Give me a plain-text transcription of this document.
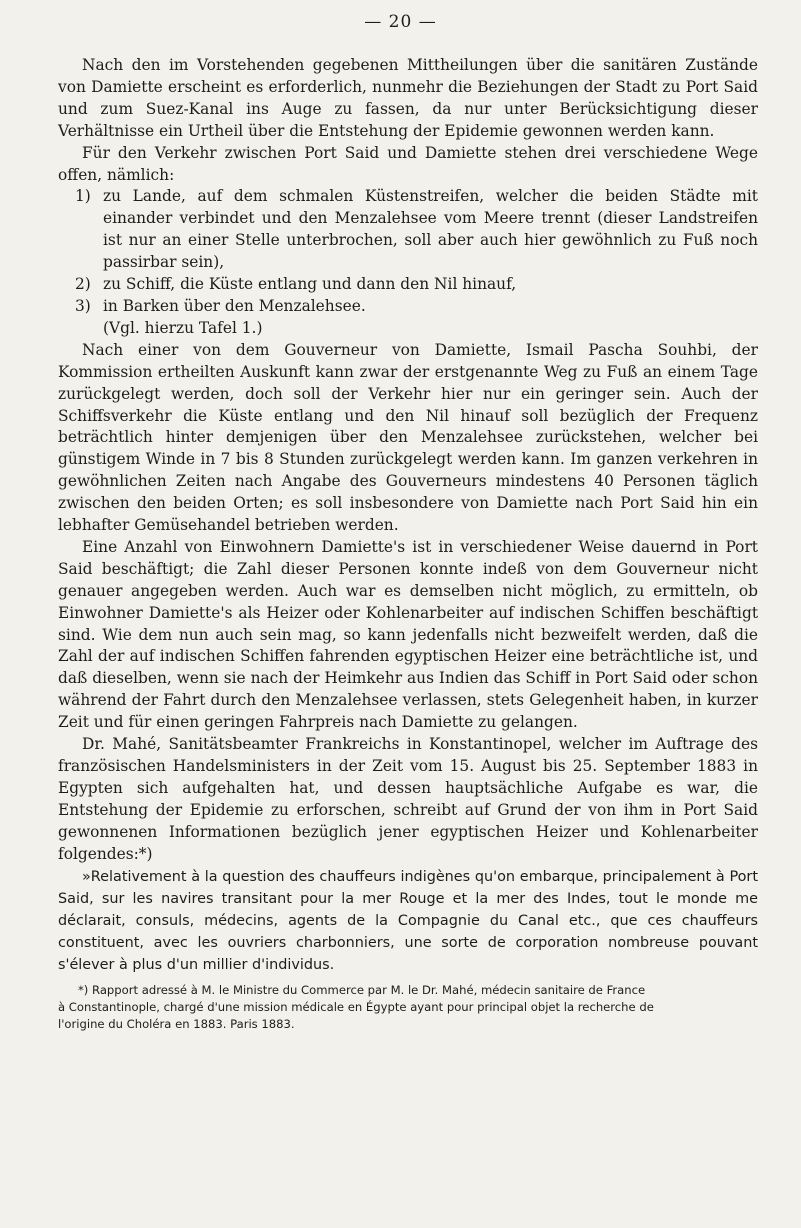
— 20 —

Nach den im Vorstehenden gegebenen Mittheilungen über die sanitären Zustände von Damiette erscheint es erforderlich, nunmehr die Beziehungen der Stadt zu Port Said und zum Suez-Kanal ins Auge zu fassen, da nur unter Berücksichtigung dieser Verhältnisse ein Urtheil über die Entstehung der Epidemie gewonnen werden kann.

Für den Verkehr zwischen Port Said und Damiette stehen drei verschiedene Wege offen, nämlich:

1) zu Lande, auf dem schmalen Küstenstreifen, welcher die beiden Städte mit einander verbindet und den Menzalehsee vom Meere trennt (dieser Landstreifen ist nur an einer Stelle unterbrochen, soll aber auch hier gewöhnlich zu Fuß noch passirbar sein),
2) zu Schiff, die Küste entlang und dann den Nil hinauf,
3) in Barken über den Menzalehsee.
(Vgl. hierzu Tafel 1.)

Nach einer von dem Gouverneur von Damiette, Ismail Pascha Souhbi, der Kommission ertheilten Auskunft kann zwar der erstgenannte Weg zu Fuß an einem Tage zurückgelegt werden, doch soll der Verkehr hier nur ein geringer sein. Auch der Schiffsverkehr die Küste entlang und den Nil hinauf soll bezüglich der Frequenz beträchtlich hinter demjenigen über den Menzalehsee zurückstehen, welcher bei günstigem Winde in 7 bis 8 Stunden zurückgelegt werden kann. Im ganzen verkehren in gewöhnlichen Zeiten nach Angabe des Gouverneurs mindestens 40 Personen täglich zwischen den beiden Orten; es soll insbesondere von Damiette nach Port Said hin ein lebhafter Gemüsehandel betrieben werden.

Eine Anzahl von Einwohnern Damiette's ist in verschiedener Weise dauernd in Port Said beschäftigt; die Zahl dieser Personen konnte indeß von dem Gouverneur nicht genauer angegeben werden. Auch war es demselben nicht möglich, zu ermitteln, ob Einwohner Damiette's als Heizer oder Kohlenarbeiter auf indischen Schiffen beschäftigt sind. Wie dem nun auch sein mag, so kann jedenfalls nicht bezweifelt werden, daß die Zahl der auf indischen Schiffen fahrenden egyptischen Heizer eine beträchtliche ist, und daß dieselben, wenn sie nach der Heimkehr aus Indien das Schiff in Port Said oder schon während der Fahrt durch den Menzalehsee verlassen, stets Gelegenheit haben, in kurzer Zeit und für einen geringen Fahrpreis nach Damiette zu gelangen.

Dr. Mahé, Sanitätsbeamter Frankreichs in Konstantinopel, welcher im Auftrage des französischen Handelsministers in der Zeit vom 15. August bis 25. September 1883 in Egypten sich aufgehalten hat, und dessen hauptsächliche Aufgabe es war, die Entstehung der Epidemie zu erforschen, schreibt auf Grund der von ihm in Port Said gewonnenen Informationen bezüglich jener egyptischen Heizer und Kohlenarbeiter folgendes:*)

»Relativement à la question des chauffeurs indigènes qu'on embarque, principalement à Port Said, sur les navires transitant pour la mer Rouge et la mer des Indes, tout le monde me déclarait, consuls, médecins, agents de la Compagnie du Canal etc., que ces chauffeurs constituent, avec les ouvriers charbonniers, une sorte de corporation nombreuse pouvant s'élever à plus d'un millier d'individus.

*) Rapport adressé à M. le Ministre du Commerce par M. le Dr. Mahé, médecin sanitaire de France
à Constantinople, chargé d'une mission médicale en Égypte ayant pour principal objet la recherche de
l'origine du Choléra en 1883. Paris 1883.
